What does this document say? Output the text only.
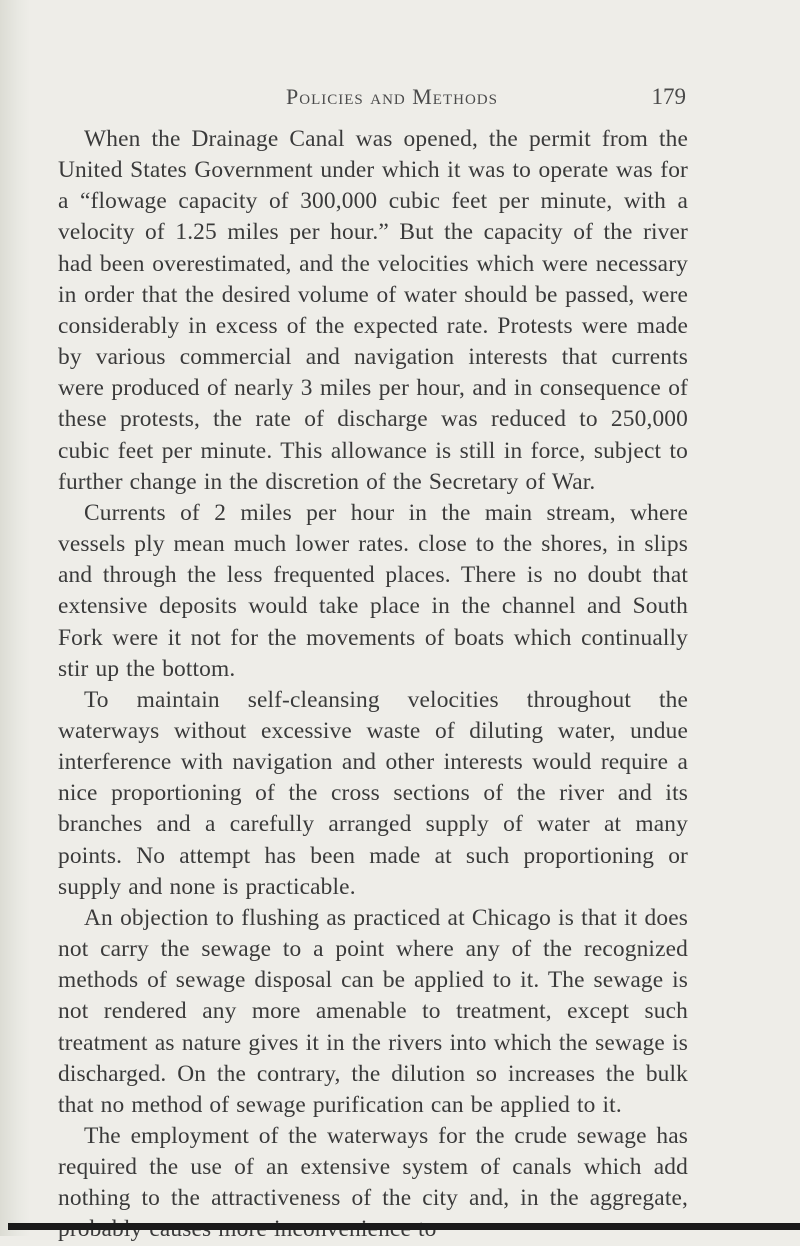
Policies and Methods	179

When the Drainage Canal was opened, the permit from the United States Government under which it was to operate was for a “flowage capacity of 300,000 cubic feet per minute, with a velocity of 1.25 miles per hour.” But the capacity of the river had been overestimated, and the velocities which were necessary in order that the desired volume of water should be passed, were considerably in excess of the expected rate. Protests were made by various commercial and navigation interests that currents were produced of nearly 3 miles per hour, and in consequence of these protests, the rate of discharge was reduced to 250,000 cubic feet per minute. This allowance is still in force, subject to further change in the discretion of the Secretary of War.

Currents of 2 miles per hour in the main stream, where vessels ply mean much lower rates. close to the shores, in slips and through the less frequented places. There is no doubt that extensive deposits would take place in the channel and South Fork were it not for the movements of boats which continually stir up the bottom.

To maintain self-cleansing velocities throughout the waterways without excessive waste of diluting water, undue interference with navigation and other interests would require a nice proportioning of the cross sections of the river and its branches and a carefully arranged supply of water at many points. No attempt has been made at such proportioning or supply and none is practicable.

An objection to flushing as practiced at Chicago is that it does not carry the sewage to a point where any of the recognized methods of sewage disposal can be applied to it. The sewage is not rendered any more amenable to treatment, except such treatment as nature gives it in the rivers into which the sewage is discharged. On the contrary, the dilution so increases the bulk that no method of sewage purification can be applied to it.

The employment of the waterways for the crude sewage has required the use of an extensive system of canals which add nothing to the attractiveness of the city and, in the aggregate,
